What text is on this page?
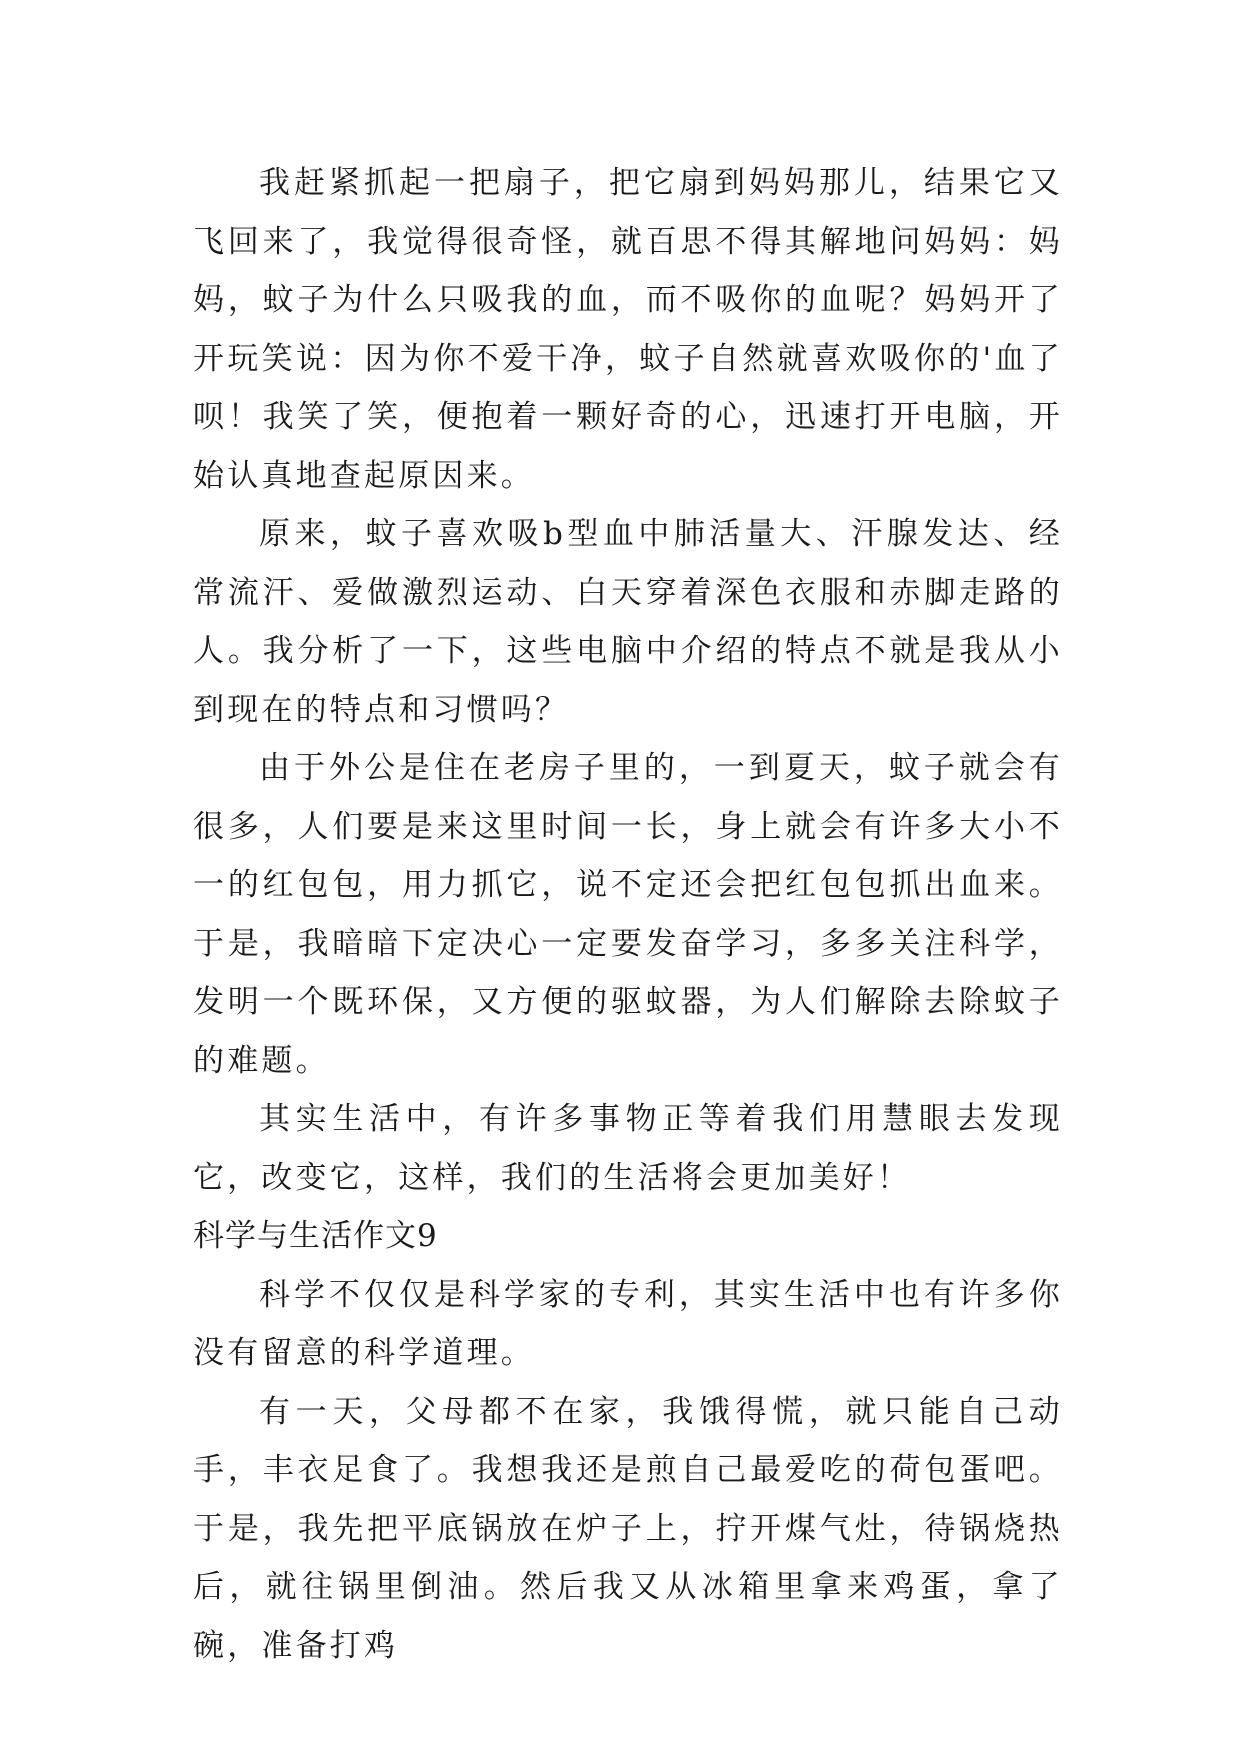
我赶紧抓起一把扇子，把它扇到妈妈那儿，结果它又飞回来了，我觉得很奇怪，就百思不得其解地问妈妈：妈妈，蚊子为什么只吸我的血，而不吸你的血呢？妈妈开了开玩笑说：因为你不爱干净，蚊子自然就喜欢吸你的'血了呗！我笑了笑，便抱着一颗好奇的心，迅速打开电脑，开始认真地查起原因来。

原来，蚊子喜欢吸b型血中肺活量大、汗腺发达、经常流汗、爱做激烈运动、白天穿着深色衣服和赤脚走路的人。我分析了一下，这些电脑中介绍的特点不就是我从小到现在的特点和习惯吗？

由于外公是住在老房子里的，一到夏天，蚊子就会有很多，人们要是来这里时间一长，身上就会有许多大小不一的红包包，用力抓它，说不定还会把红包包抓出血来。于是，我暗暗下定决心一定要发奋学习，多多关注科学，发明一个既环保，又方便的驱蚊器，为人们解除去除蚊子的难题。

其实生活中，有许多事物正等着我们用慧眼去发现它，改变它，这样，我们的生活将会更加美好！

科学与生活作文9

科学不仅仅是科学家的专利，其实生活中也有许多你没有留意的科学道理。

有一天，父母都不在家，我饿得慌，就只能自己动手，丰衣足食了。我想我还是煎自己最爱吃的荷包蛋吧。于是，我先把平底锅放在炉子上，拧开煤气灶，待锅烧热后，就往锅里倒油。然后我又从冰箱里拿来鸡蛋，拿了碗，准备打鸡
